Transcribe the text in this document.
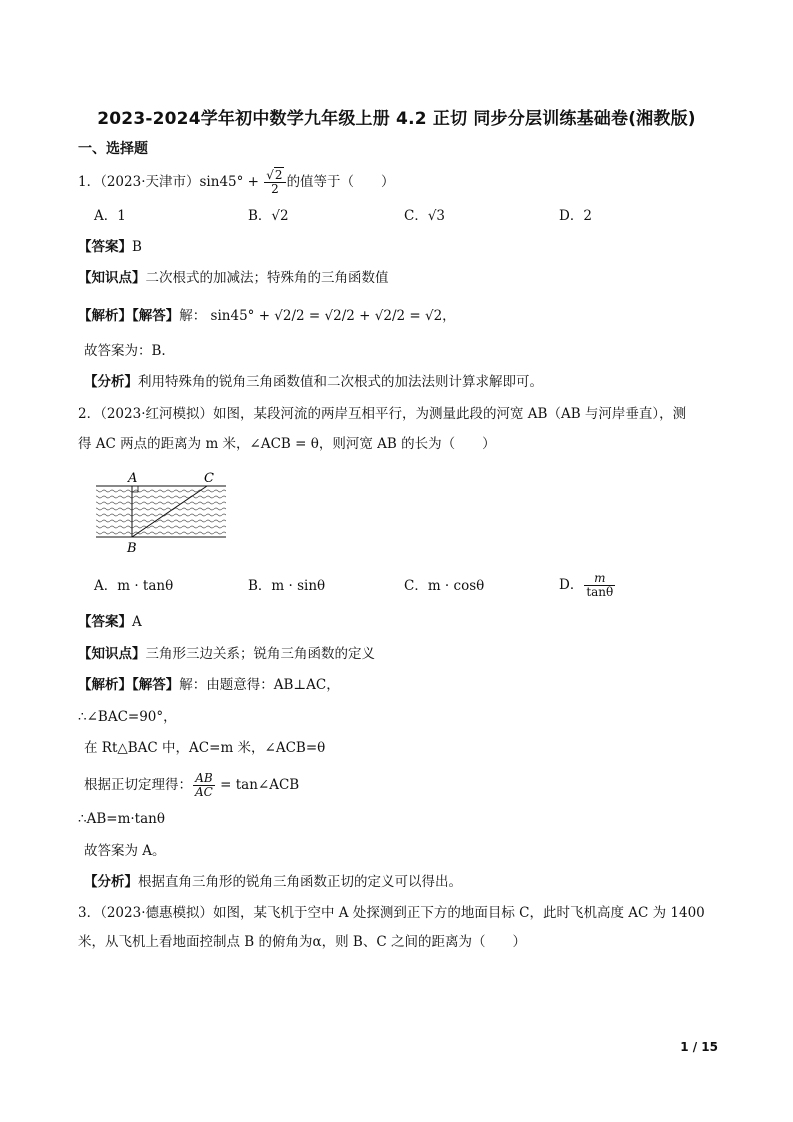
2023-2024学年初中数学九年级上册 4.2 正切 同步分层训练基础卷(湘教版)
一、选择题
1．（2023·天津市）$\sin 45^\circ + \frac{√2}{2}$ 的值等于（　　）
A．1	B．√2	C．√3	D．2
【答案】B
【知识点】二次根式的加减法；特殊角的三角函数值
【解析】【解答】解： sin45° + √2/2 = √2/2 + √2/2 = √2，
故答案为：B.
【分析】利用特殊角的锐角三角函数值和二次根式的加法法则计算求解即可。
2．（2023·红河模拟）如图，某段河流的两岸互相平行，为测量此段的河宽 AB（AB 与河岸垂直），测
得 AC 两点的距离为 m 米，∠ACB = θ，则河宽 AB 的长为（　　）
A	C
B
A．m · tanθ	B．m · sinθ	C．m · cosθ	D． $\frac{m}{\tan\theta}$
【答案】A
【知识点】三角形三边关系；锐角三角函数的定义
【解析】【解答】解：由题意得：AB⊥AC，
∴∠BAC=90°，
在 Rt△BAC 中，AC=m 米，∠ACB=θ
根据正切定理得： $\frac{AB}{AC}$ = tan∠ACB
∴AB=m·tanθ
故答案为 A。
【分析】根据直角三角形的锐角三角函数正切的定义可以得出。
3．（2023·德惠模拟）如图，某飞机于空中 A 处探测到正下方的地面目标 C，此时飞机高度 AC 为 1400
米，从飞机上看地面控制点 B 的俯角为α，则 B、C 之间的距离为（　　）
1 / 15
